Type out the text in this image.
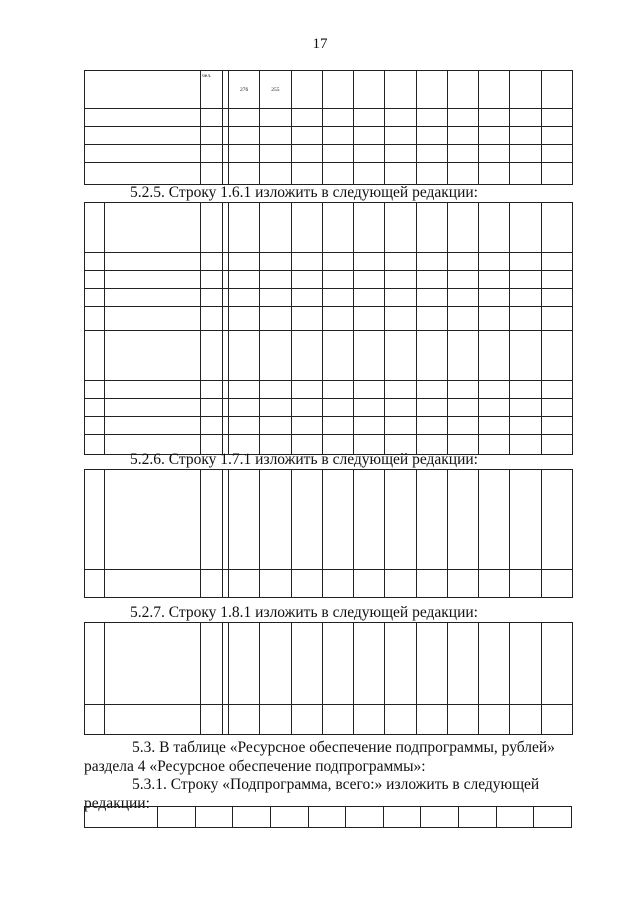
17
		чел.		276	255									

5.2.5. Строку 1.6.1 изложить в следующей редакции:

5.2.6. Строку 1.7.1 изложить в следующей редакции:

5.2.7. Строку 1.8.1 изложить в следующей редакции:

5.3. В таблице «Ресурсное обеспечение подпрограммы, рублей»
раздела 4 «Ресурсное обеспечение подпрограммы»:
5.3.1. Строку «Подпрограмма, всего:» изложить в следующей
редакции:
